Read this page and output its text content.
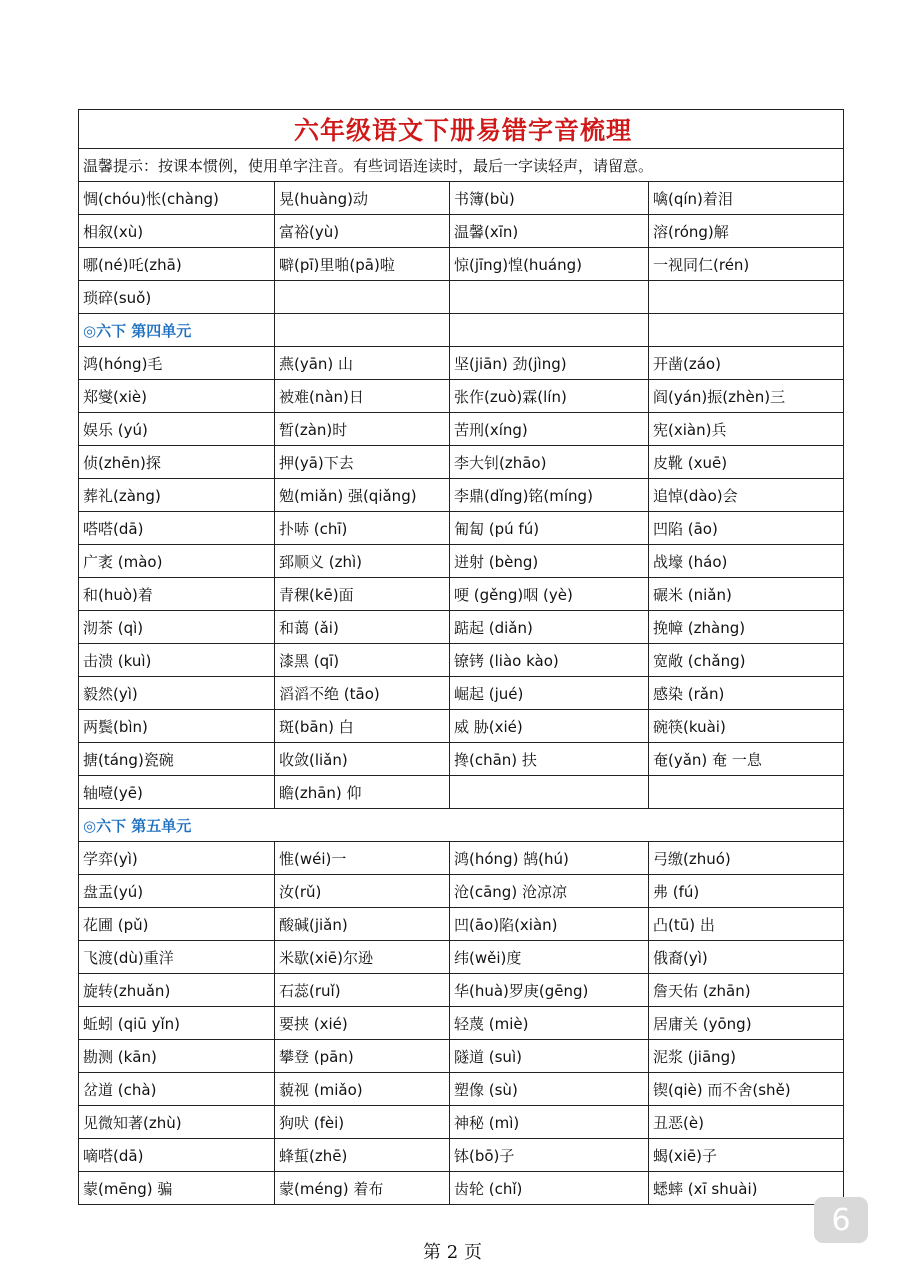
六年级语文下册易错字音梳理			
温馨提示：按课本惯例，使用单字注音。有些词语连读时，最后一字读轻声，请留意。			
惆(chóu)怅(chàng)	晃(huàng)动	书簿(bù)	噙(qín)着泪
相叙(xù)	富裕(yù)	温馨(xīn)	溶(róng)解
哪(né)吒(zhā)	噼(pī)里啪(pā)啦	惊(jīng)惶(huáng)	一视同仁(rén)
琐碎(suǒ)			
◎六下 第四单元			
鸿(hóng)毛	燕(yān) 山	坚(jiān) 劲(jìng)	开凿(záo)
郑燮(xiè)	被难(nàn)日	张作(zuò)霖(lín)	阎(yán)振(zhèn)三
娱乐 (yú)	暂(zàn)时	苦刑(xíng)	宪(xiàn)兵
侦(zhēn)探	押(yā)下去	李大钊(zhāo)	皮靴 (xuē)
葬礼(zàng)	勉(miǎn) 强(qiǎng)	李鼎(dǐng)铭(míng)	追悼(dào)会
嗒嗒(dā)	扑哧 (chī)	匍匐 (pú fú)	凹陷 (āo)
广袤 (mào)	郅顺义 (zhì)	迸射 (bèng)	战壕 (háo)
和(huò)着	青稞(kē)面	哽 (gěng)咽 (yè)	碾米 (niǎn)
沏茶 (qì)	和蔼 (ǎi)	踮起 (diǎn)	挽幛 (zhàng)
击溃 (kuì)	漆黑 (qī)	镣铐 (liào kào)	宽敞 (chǎng)
毅然(yì)	滔滔不绝 (tāo)	崛起 (jué)	感染 (rǎn)
两鬓(bìn)	斑(bān) 白	威 胁(xié)	碗筷(kuài)
搪(táng)瓷碗	收敛(liǎn)	搀(chān) 扶	奄(yǎn) 奄 一息
轴噎(yē)	瞻(zhān) 仰		
◎六下 第五单元			
学弈(yì)	惟(wéi)一	鸿(hóng) 鹄(hú)	弓缴(zhuó)
盘盂(yú)	汝(rǔ)	沧(cāng) 沧凉凉	弗 (fú)
花圃 (pǔ)	酸碱(jiǎn)	凹(āo)陷(xiàn)	凸(tū) 出
飞渡(dù)重洋	米歇(xiē)尔逊	纬(wěi)度	俄裔(yì)
旋转(zhuǎn)	石蕊(ruǐ)	华(huà)罗庚(gēng)	詹天佑 (zhān)
蚯蚓 (qiū yǐn)	要挟 (xié)	轻蔑 (miè)	居庸关 (yōng)
勘测 (kān)	攀登 (pān)	隧道 (suì)	泥浆 (jiāng)
岔道 (chà)	藐视 (miǎo)	塑像 (sù)	锲(qiè) 而不舍(shě)
见微知著(zhù)	狗吠 (fèi)	神秘 (mì)	丑恶(è)
嘀嗒(dā)	蜂蜇(zhē)	钵(bō)子	蝎(xiē)子
蒙(mēng) 骗	蒙(méng) 着布	齿轮 (chǐ)	蟋蟀 (xī shuài)
第 2 页
6
